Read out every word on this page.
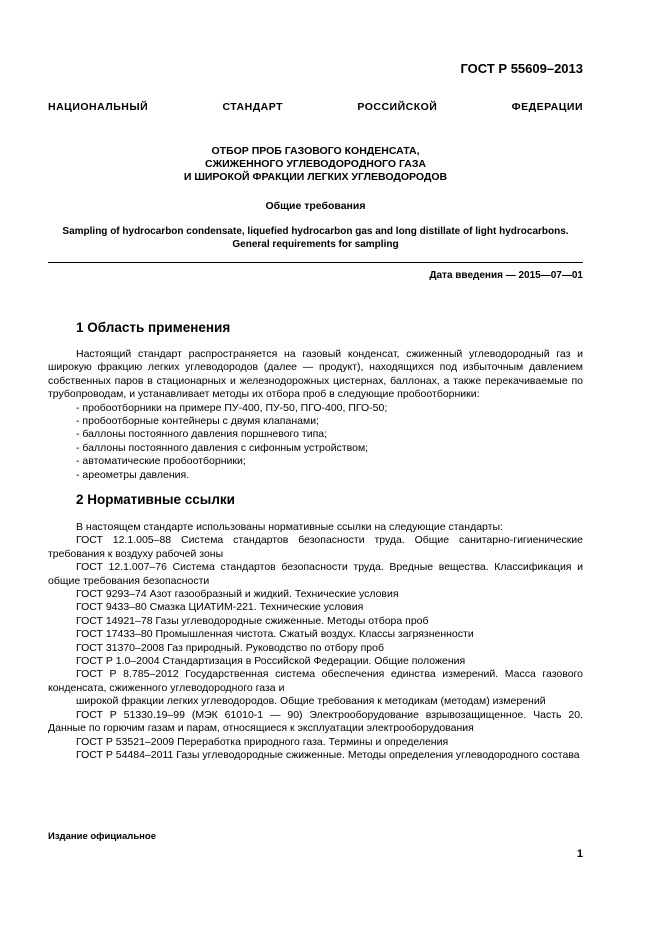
ГОСТ Р 55609–2013
НАЦИОНАЛЬНЫЙ СТАНДАРТ РОССИЙСКОЙ ФЕДЕРАЦИИ
ОТБОР ПРОБ ГАЗОВОГО КОНДЕНСАТА,
СЖИЖЕННОГО УГЛЕВОДОРОДНОГО ГАЗА
И ШИРОКОЙ ФРАКЦИИ ЛЕГКИХ УГЛЕВОДОРОДОВ
Общие требования
Sampling of hydrocarbon condensate, liquefied hydrocarbon gas and long distillate of light hydrocarbons.
General requirements for sampling
Дата введения — 2015—07—01
1 Область применения

Настоящий стандарт распространяется на газовый конденсат, сжиженный углеводородный газ и широкую фракцию легких углеводородов (далее — продукт), находящихся под избыточным давлением собственных паров в стационарных и железнодорожных цистернах, баллонах, а также перекачиваемые по трубопроводам, и устанавливает методы их отбора проб в следующие пробоотборники:

- пробоотборники на примере ПУ-400, ПУ-50, ПГО-400, ПГО-50;

- пробоотборные контейнеры с двумя клапанами;

- баллоны постоянного давления поршневого типа;

- баллоны постоянного давления с сифонным устройством;

- автоматические пробоотборники;

- ареометры давления.

2 Нормативные ссылки

В настоящем стандарте использованы нормативные ссылки на следующие стандарты:

ГОСТ 12.1.005–88 Система стандартов безопасности труда. Общие санитарно-гигиенические требования к воздуху рабочей зоны

ГОСТ 12.1.007–76 Система стандартов безопасности труда. Вредные вещества. Классификация и общие требования безопасности

ГОСТ 9293–74 Азот газообразный и жидкий. Технические условия

ГОСТ 9433–80 Смазка ЦИАТИМ-221. Технические условия

ГОСТ 14921–78 Газы углеводородные сжиженные. Методы отбора проб

ГОСТ 17433–80 Промышленная чистота. Сжатый воздух. Классы загрязненности

ГОСТ 31370–2008 Газ природный. Руководство по отбору проб

ГОСТ Р 1.0–2004 Стандартизация в Российской Федерации. Общие положения

ГОСТ Р 8.785–2012 Государственная система обеспечения единства измерений. Масса газового конденсата, сжиженного углеводородного газа и

широкой фракции легких углеводородов. Общие требования к методикам (методам) измерений

ГОСТ Р 51330.19–99 (МЭК 61010-1 — 90) Электрооборудование взрывозащищенное. Часть 20. Данные по горючим газам и парам, относящиеся к эксплуатации электрооборудования

ГОСТ Р 53521–2009 Переработка природного газа. Термины и определения

ГОСТ Р 54484–2011 Газы углеводородные сжиженные. Методы определения углеводородного состава

Издание официальное
1
